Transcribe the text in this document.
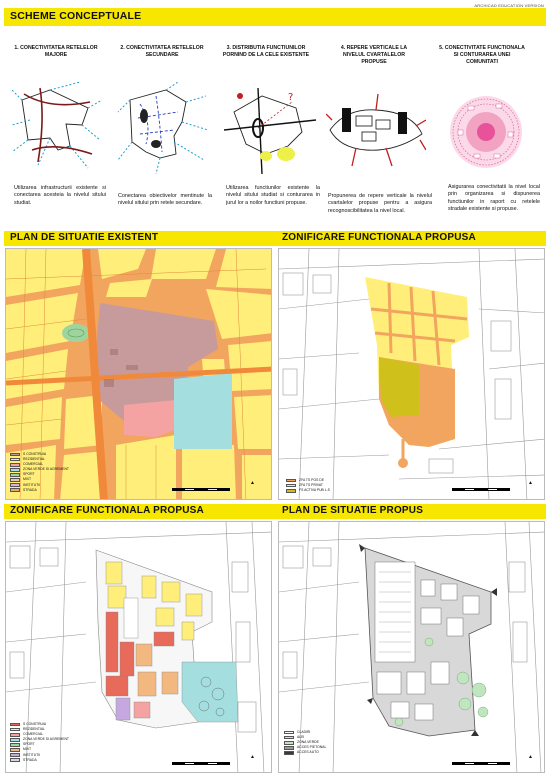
ARCHICAD EDUCATION VERSION
SCHEME CONCEPTUALE
1. CONECTIVITATEA RETELELOR MAJORE
2. CONECTIVITATEA RETELELOR SECUNDARE
3. DISTRIBUTIA FUNCTIUNILOR PORNIND DE LA CELE EXISTENTE
4. REPERE VERTICALE LA NIVELUL CVARTALELOR PROPUSE
5. CONECTIVITATE FUNCTIONALA SI CONTURAREA UNEI COMUNITATI
?
Utilizarea infrastructurii existente si conectarea acesteia la nivelul sitului studiat.
Conectarea obiectivelor mentinute la nivelul sitului prin retele secundare.
Utilizarea functiunilor existente la nivelul sitului studiat si conturarea in jurul lor a noilor functiuni propuse.
Propunerea de repere verticale la nivelul cvartalelor propuse pentru a asigura recognoscibilitatea la nivel local.
Asigurarea conectivitatii la nivel local prin organizarea si dispunerea functiunilor in raport cu retelele stradale existente si propuse.
PLAN DE SITUATIE EXISTENT	ZONIFICARE FUNCTIONALA PROPUSA
S CONSTRUIA
REZIDENTIAL
COMERCIAL
ZONA VERDE SI AGREMENT
SPORT
MIXT
INSTITUTII
STRADA
▲	ZFA TS POS DE
ZFA TS PRIVAT
FS ACTIVA PUB L.S
▲
ZONIFICARE FUNCTIONALA PROPUSA	PLAN DE SITUATIE PROPUS
S CONSTRUIA
REZIDENTIAL
COMERCIAL
ZONA VERDE SI AGREMENT
SPORT
MIXT
INSTITUTII
STRADA	▲
CLADIRI
ALEI
ZONA VERDE
ACCES PIETONAL
ACCES AUTO
▲
